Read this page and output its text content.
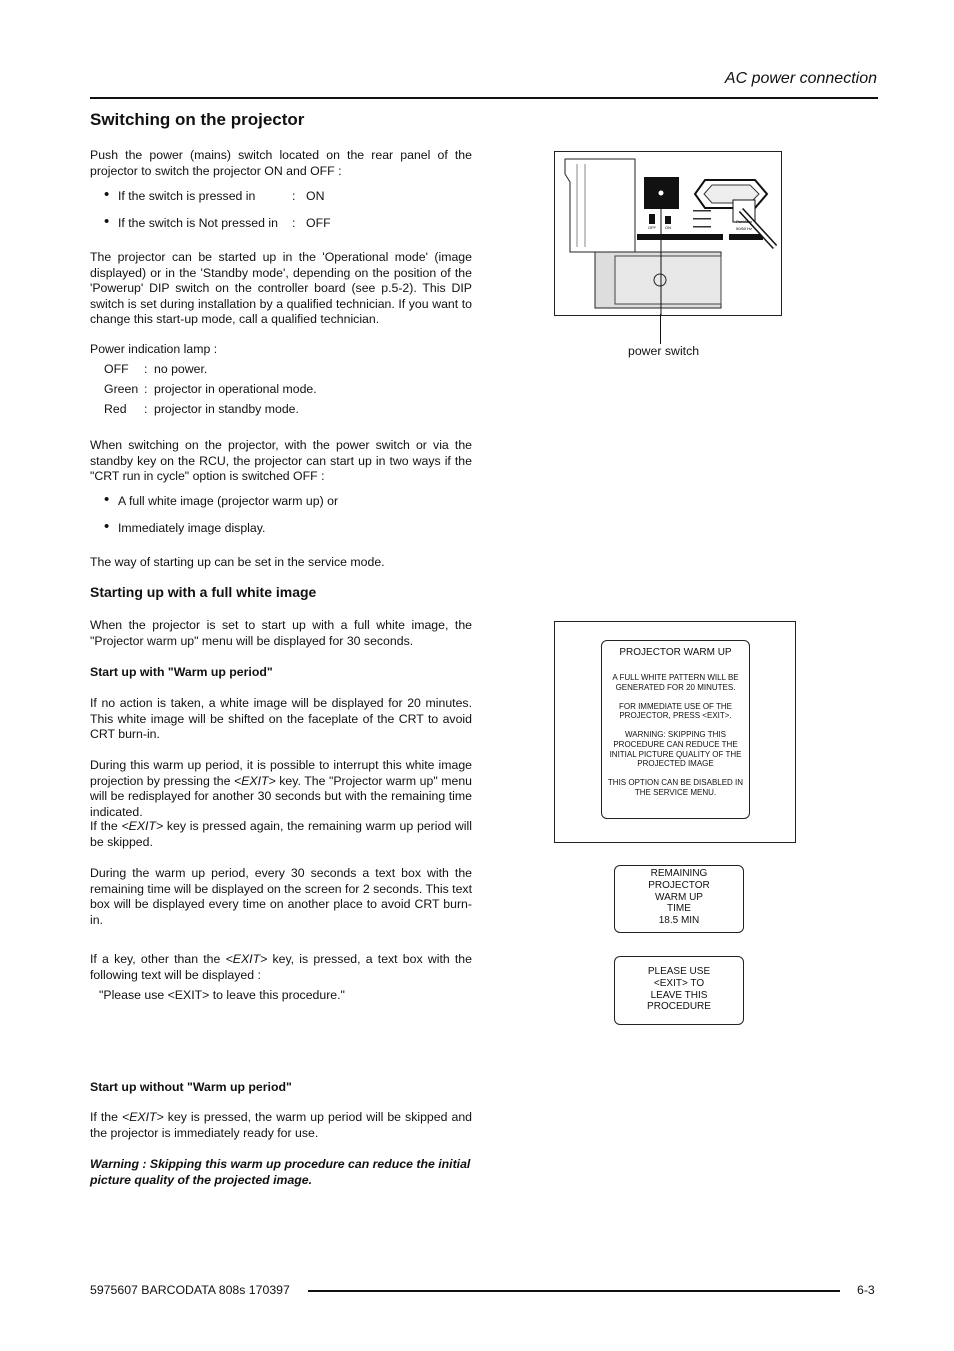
AC power connection
Switching on the projector
Push the power (mains) switch located on the rear panel of the projector to switch the projector ON and OFF :
• If the switch is pressed in	: ON
• If the switch is Not pressed in : OFF
The projector can be started up in the 'Operational mode' (image displayed) or in the 'Standby mode', depending on the position of the 'Powerup' DIP switch on the controller board (see p.5-2). This DIP switch is set during installation by a qualified technician. If you want to change this start-up mode, call a qualified technician.
Power indication lamp :
OFF : no power.
Green : projector in operational mode.
Red : projector in standby mode.
When switching on the projector, with the power switch or via the standby key on the RCU, the projector can start up in two ways if the "CRT run in cycle" option is switched OFF :
• A full white image (projector warm up) or
• Immediately image display.
The way of starting up can be set in the service mode.
Starting up with a full white image
When the projector is set to start up with a full white image, the "Projector warm up" menu will be displayed for 30 seconds.
Start up with "Warm up period"
If no action is taken, a white image will be displayed for 20 minutes. This white image will be shifted on the faceplate of the CRT to avoid CRT burn-in.
During this warm up period, it is possible to interrupt this white image projection by pressing the <EXIT> key. The "Projector warm up" menu will be redisplayed for another 30 seconds but with the remaining time indicated.
If the <EXIT> key is pressed again, the remaining warm up period will be skipped.
During the warm up period, every 30 seconds a text box with the remaining time will be displayed on the screen for 2 seconds. This text box will be displayed every time on another place to avoid CRT burn-in.
If a key, other than the <EXIT> key, is pressed, a text box with the following text will be displayed :
"Please use <EXIT> to leave this procedure."
Start up without "Warm up period"
If the <EXIT> key is pressed, the warm up period will be skipped and the projector is immediately ready for use.
Warning : Skipping this warm up procedure can reduce the initial picture quality of the projected image.
OFF ON
Pwr/Amp
50/60 Hz
power switch
PROJECTOR WARM UP

A FULL WHITE PATTERN WILL BE GENERATED FOR 20 MINUTES.

FOR IMMEDIATE USE OF THE PROJECTOR, PRESS <EXIT>.

WARNING: SKIPPING THIS PROCEDURE CAN REDUCE THE INITIAL PICTURE QUALITY OF THE PROJECTED IMAGE

THIS OPTION CAN BE DISABLED IN THE SERVICE MENU.

REMAINING
PROJECTOR
WARM UP
TIME
18.5 MIN
PLEASE USE
<EXIT> TO
LEAVE THIS
PROCEDURE
5975607 BARCODATA 808s 170397	6-3
